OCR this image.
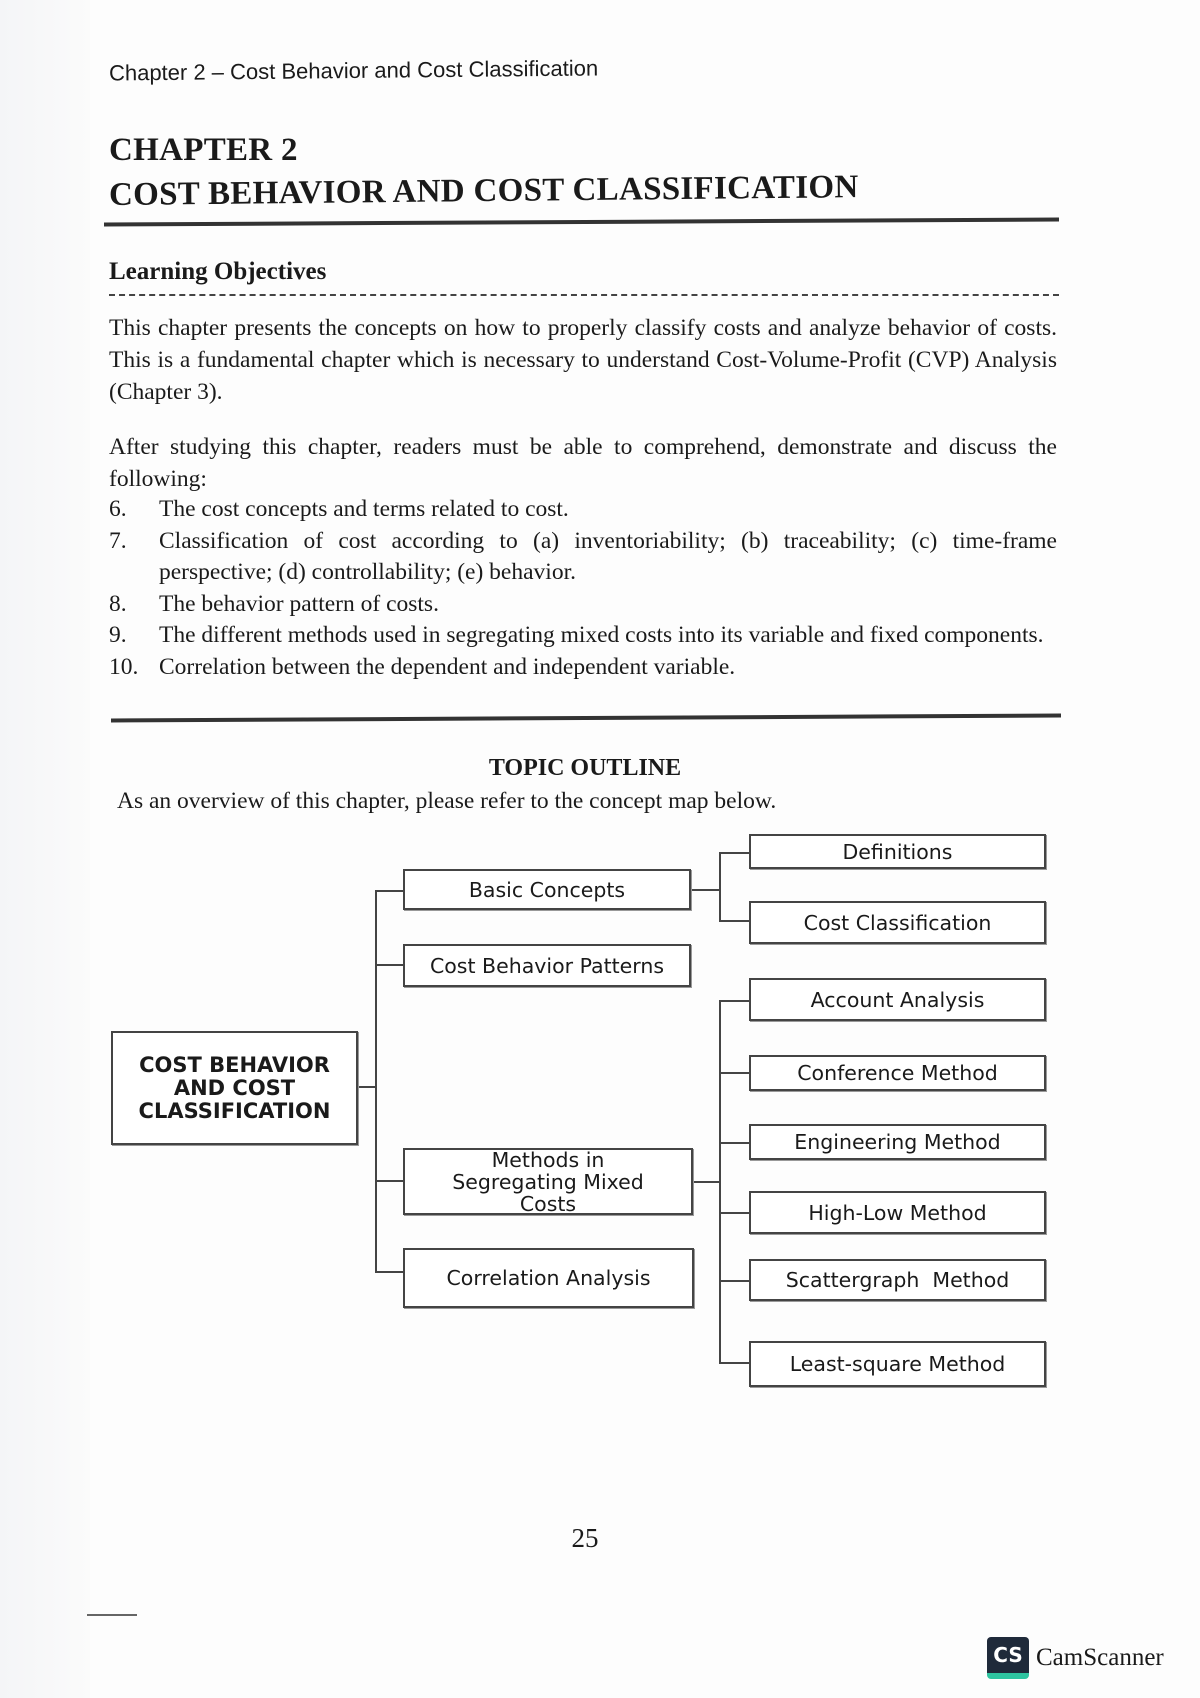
Chapter 2 – Cost Behavior and Cost Classification
CHAPTER 2
COST BEHAVIOR AND COST CLASSIFICATION
Learning Objectives
This chapter presents the concepts on how to properly classify costs and analyze behavior of costs. This is a fundamental chapter which is necessary to understand Cost-Volume-Profit (CVP) Analysis (Chapter 3).
After studying this chapter, readers must be able to comprehend, demonstrate and discuss the following:
6.	The cost concepts and terms related to cost.
7.	Classification of cost according to (a) inventoriability; (b) traceability; (c) time-frame perspective; (d) controllability; (e) behavior.
8.	The behavior pattern of costs.
9.	The different methods used in segregating mixed costs into its variable and fixed components.
10. Correlation between the dependent and independent variable.
TOPIC OUTLINE
As an overview of this chapter, please refer to the concept map below.
COST BEHAVIOR AND COST CLASSIFICATION
Basic Concepts
Cost Behavior Patterns
Methods in Segregating Mixed Costs
Correlation Analysis
Definitions
Cost Classification
Account Analysis
Conference Method
Engineering Method
High-Low Method
Scattergraph  Method
Least-square Method
25
CS CamScanner
